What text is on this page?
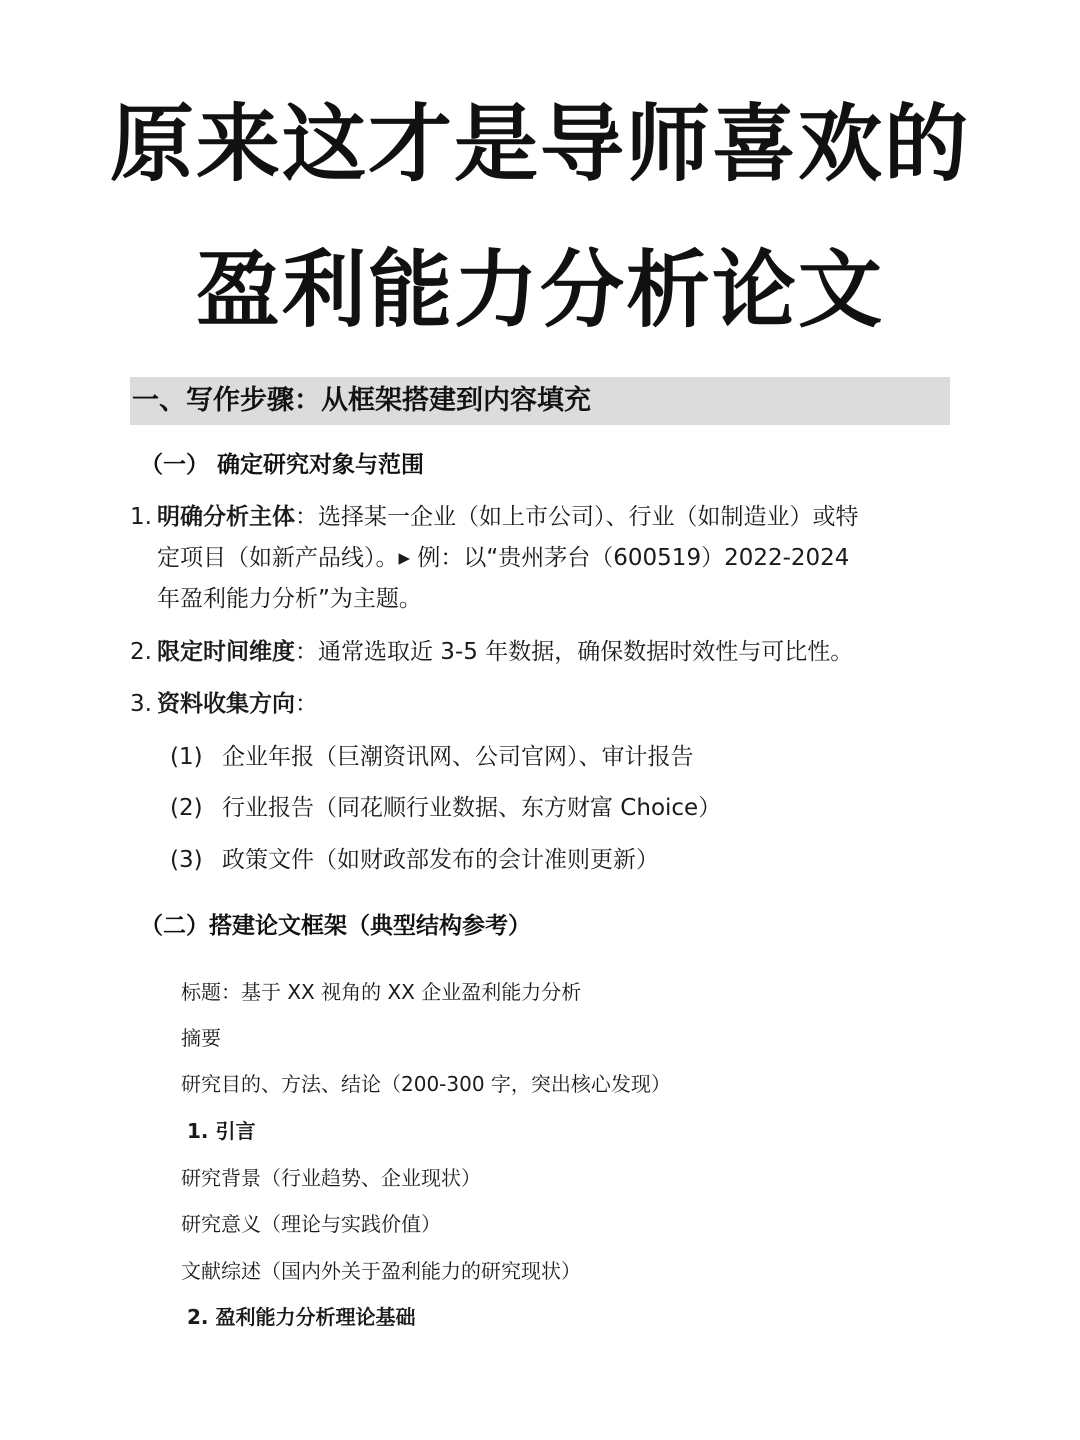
原来这才是导师喜欢的
盈利能力分析论文
一、写作步骤：从框架搭建到内容填充
（一） 确定研究对象与范围
1. 明确分析主体：选择某一企业（如上市公司）、行业（如制造业）或特
定项目（如新产品线）。▸ 例：以“贵州茅台（600519）2022-2024
年盈利能力分析”为主题。
2. 限定时间维度：通常选取近 3-5 年数据，确保数据时效性与可比性。
3. 资料收集方向：
(1) 企业年报（巨潮资讯网、公司官网）、审计报告
(2) 行业报告（同花顺行业数据、东方财富 Choice）
(3) 政策文件（如财政部发布的会计准则更新）
（二）搭建论文框架（典型结构参考）
标题：基于 XX 视角的 XX 企业盈利能力分析
摘要
研究目的、方法、结论（200-300 字，突出核心发现）
1. 引言
研究背景（行业趋势、企业现状）
研究意义（理论与实践价值）
文献综述（国内外关于盈利能力的研究现状）
2. 盈利能力分析理论基础
